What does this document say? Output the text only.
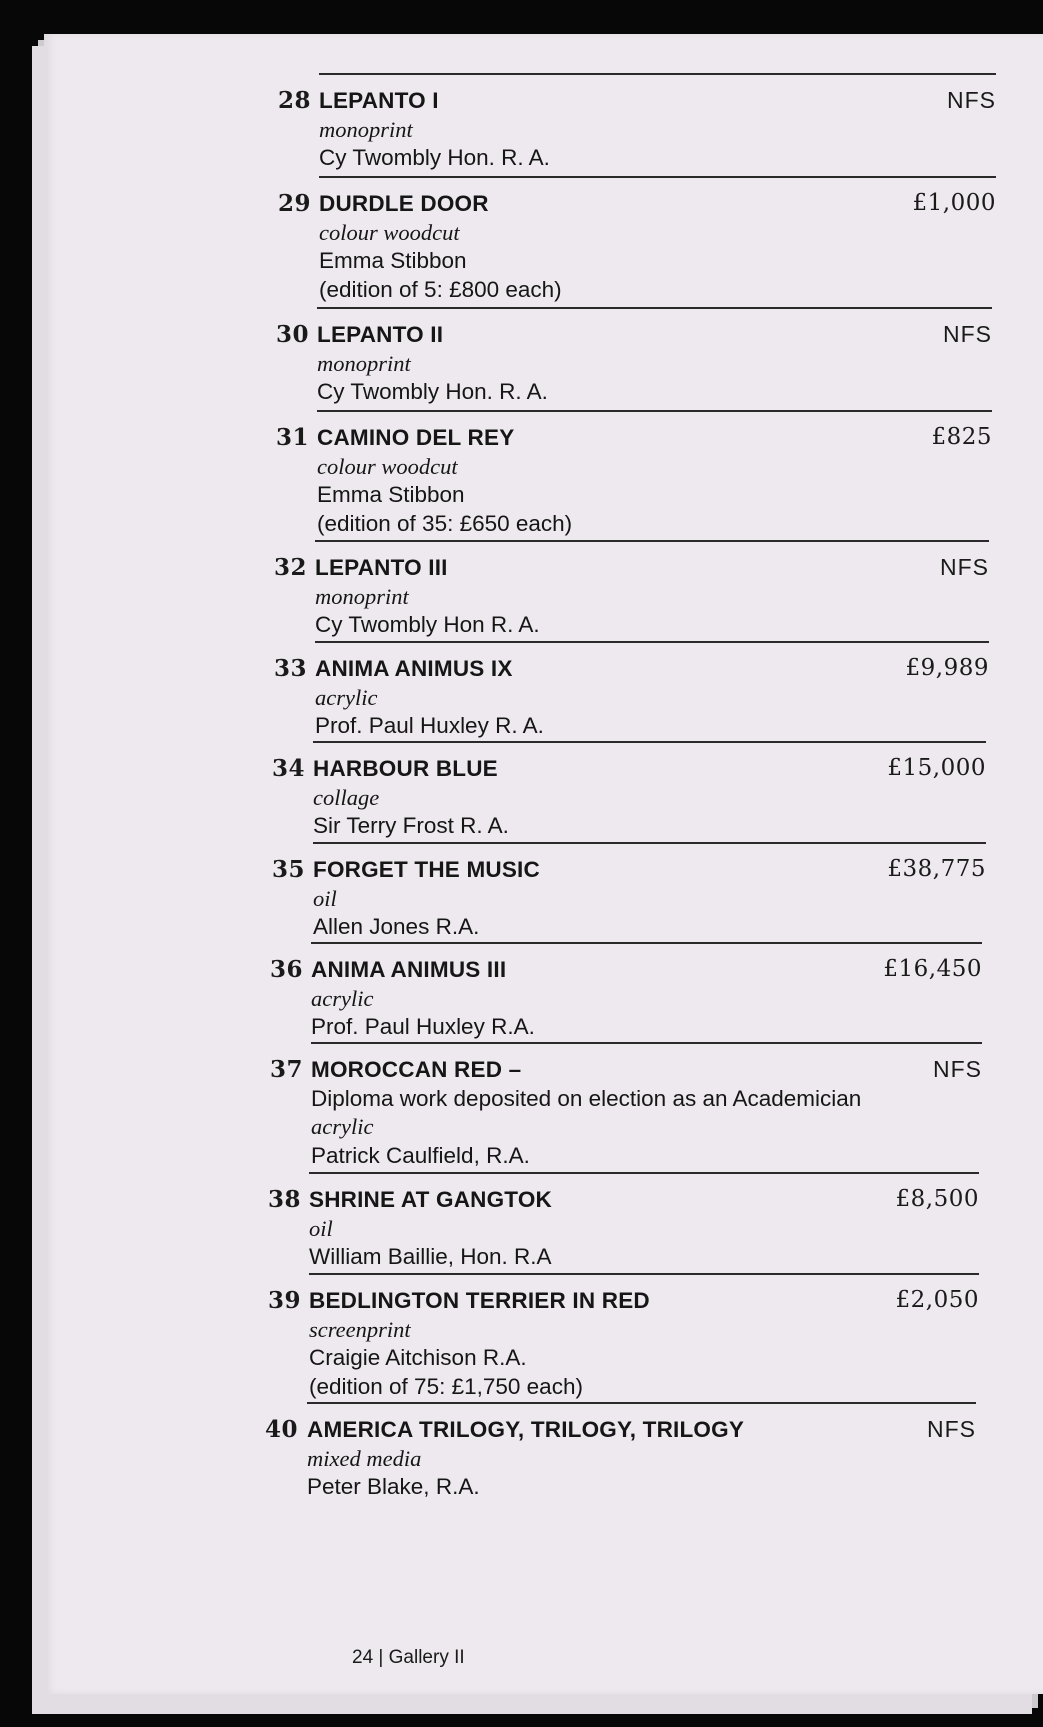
28 LEPANTO I
monoprint
Cy Twombly Hon. R. A.
NFS
29 DURDLE DOOR
colour woodcut
Emma Stibbon
(edition of 5: £800 each)
£1,000
30 LEPANTO II
monoprint
Cy Twombly Hon. R. A.
NFS
31 CAMINO DEL REY
colour woodcut
Emma Stibbon
(edition of 35: £650 each)
£825
32 LEPANTO III
monoprint
Cy Twombly Hon R. A.
NFS
33 ANIMA ANIMUS IX
acrylic
Prof. Paul Huxley R. A.
£9,989
34 HARBOUR BLUE
collage
Sir Terry Frost R. A.
£15,000
35 FORGET THE MUSIC
oil
Allen Jones R.A.
£38,775
36 ANIMA ANIMUS III
acrylic
Prof. Paul Huxley R.A.
£16,450
37 MOROCCAN RED –
Diploma work deposited on election as an Academician
acrylic
Patrick Caulfield, R.A.
NFS
38 SHRINE AT GANGTOK
oil
William Baillie, Hon. R.A
£8,500
39 BEDLINGTON TERRIER IN RED
screenprint
Craigie Aitchison R.A.
(edition of 75: £1,750 each)
£2,050
40 AMERICA TRILOGY, TRILOGY, TRILOGY
mixed media
Peter Blake, R.A.
NFS
24 | Gallery II
